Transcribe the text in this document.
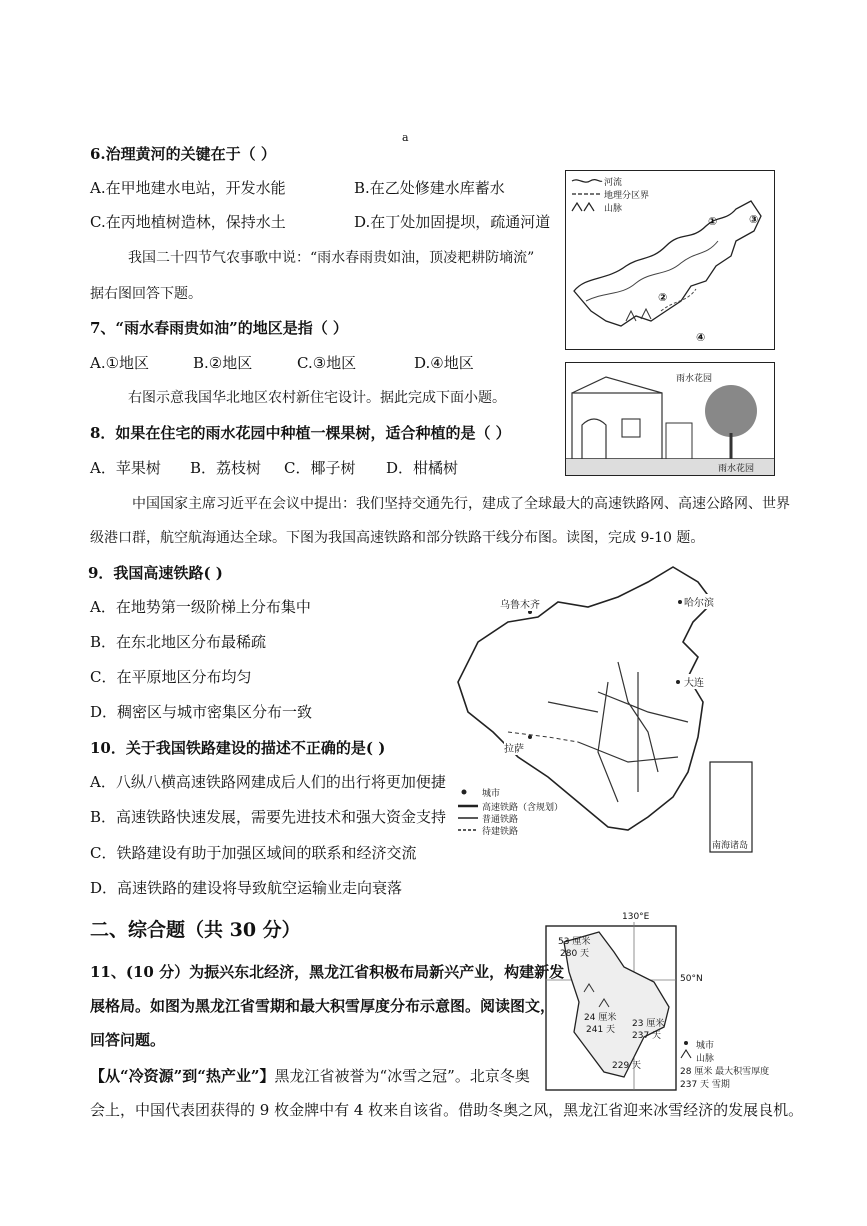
a
6.治理黄河的关键在于（ ）
A.在甲地建水电站，开发水能	B.在乙处修建水库蓄水
C.在丙地植树造林，保持水土	D.在丁处加固提坝，疏通河道
我国二十四节气农事歌中说：“雨水春雨贵如油，顶凌耙耕防墒流”
据右图回答下题。
7、“雨水春雨贵如油”的地区是指（ ）
A.①地区	B.②地区	C.③地区	D.④地区
右图示意我国华北地区农村新住宅设计。据此完成下面小题。
8．如果在住宅的雨水花园中种植一棵果树，适合种植的是（ ）
A．苹果树 B．荔枝树 C．椰子树 D．柑橘树
中国国家主席习近平在会议中提出：我们坚持交通先行，建成了全球最大的高速铁路网、高速公路网、世界
级港口群，航空航海通达全球。下图为我国高速铁路和部分铁路干线分布图。读图，完成 9-10 题。
9．我国高速铁路( )
A．在地势第一级阶梯上分布集中
B．在东北地区分布最稀疏
C．在平原地区分布均匀
D．稠密区与城市密集区分布一致
10．关于我国铁路建设的描述不正确的是( )
A．八纵八横高速铁路网建成后人们的出行将更加便捷
B．高速铁路快速发展，需要先进技术和强大资金支持
C．铁路建设有助于加强区域间的联系和经济交流
D．高速铁路的建设将导致航空运输业走向衰落
二、综合题（共 30 分）
11、(10 分）为振兴东北经济，黑龙江省积极布局新兴产业，构建新发
展格局。如图为黑龙江省雪期和最大积雪厚度分布示意图。阅读图文，
回答问题。
【从“冷资源”到“热产业”】黑龙江省被誉为“冰雪之冠”。北京冬奥
会上，中国代表团获得的 9 枚金牌中有 4 枚来自该省。借助冬奥之风，黑龙江省迎来冰雪经济的发展良机。
河流
地理分区界
山脉
①
②
③
④
雨水花园
雨水花园
乌鲁木齐	哈尔滨
大连
拉萨
城市
高速铁路（含规划）
普通铁路
待建铁路
南海诸岛
130°E
50°N
53 厘米
280 天
24 厘米
241 天
23 厘米
237 天
229 天
城市
山脉
28 厘米 最大积雪厚度
237 天 雪期
